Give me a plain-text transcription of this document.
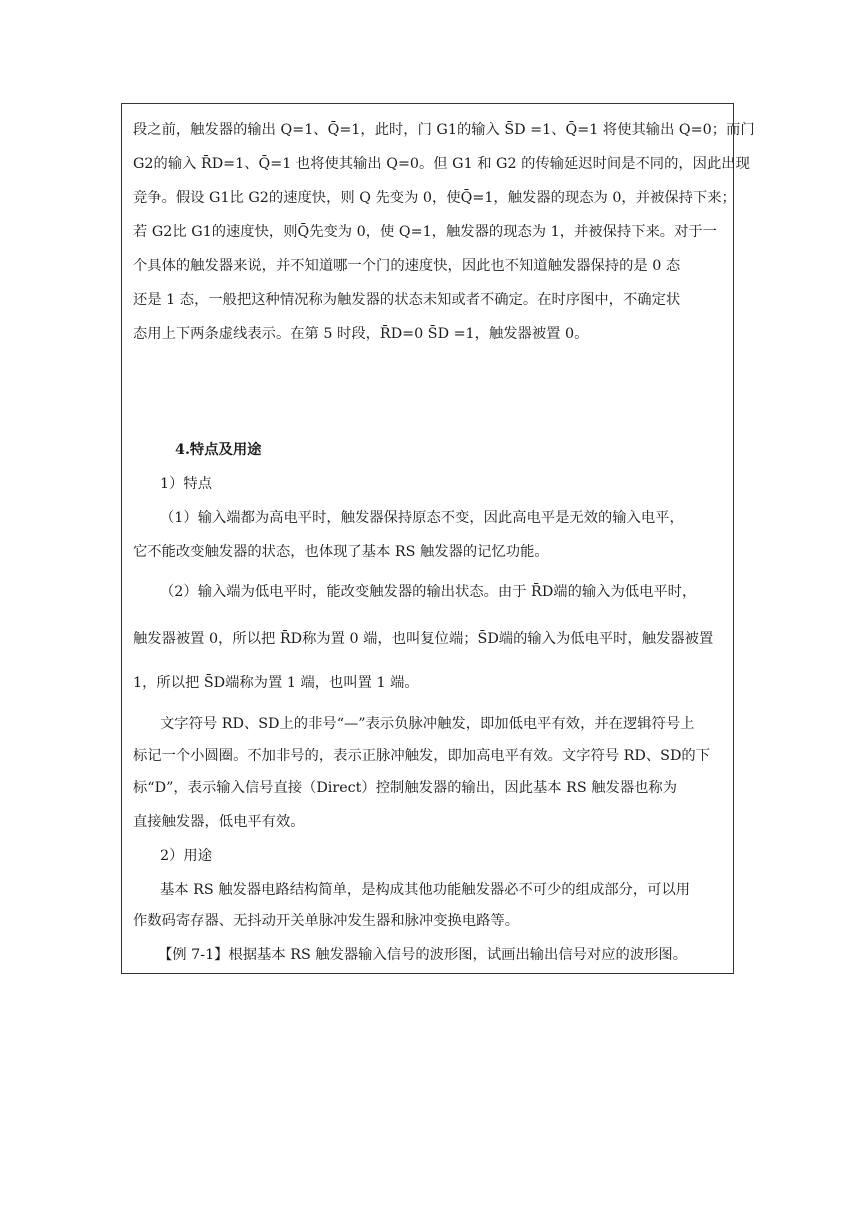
段之前，触发器的输出 Q=1、Q̄=1，此时，门 G1的输入 S̄D =1、Q̄=1 将使其输出 Q=0；而门
G2的输入 R̄D=1、Q̄=1 也将使其输出 Q=0。但 G1 和 G2 的传输延迟时间是不同的，因此出现
竞争。假设 G1比 G2的速度快，则 Q 先变为 0，使Q̄=1，触发器的现态为 0，并被保持下来；
若 G2比 G1的速度快，则Q̄先变为 0，使 Q=1，触发器的现态为 1，并被保持下来。对于一
个具体的触发器来说，并不知道哪一个门的速度快，因此也不知道触发器保持的是 0 态
还是 1 态，一般把这种情况称为触发器的状态未知或者不确定。在时序图中，不确定状
态用上下两条虚线表示。在第 5 时段，R̄D=0 S̄D =1，触发器被置 0。
4.特点及用途
1）特点
（1）输入端都为高电平时，触发器保持原态不变，因此高电平是无效的输入电平，
它不能改变触发器的状态，也体现了基本 RS 触发器的记忆功能。
（2）输入端为低电平时，能改变触发器的输出状态。由于 R̄D端的输入为低电平时，
触发器被置 0，所以把 R̄D称为置 0 端，也叫复位端；S̄D端的输入为低电平时，触发器被置
1，所以把 S̄D端称为置 1 端，也叫置 1 端。
文字符号 RD、SD上的非号“—”表示负脉冲触发，即加低电平有效，并在逻辑符号上
标记一个小圆圈。不加非号的，表示正脉冲触发，即加高电平有效。文字符号 RD、SD的下
标“D”，表示输入信号直接（Direct）控制触发器的输出，因此基本 RS 触发器也称为
直接触发器，低电平有效。
2）用途
基本 RS 触发器电路结构简单，是构成其他功能触发器必不可少的组成部分，可以用
作数码寄存器、无抖动开关单脉冲发生器和脉冲变换电路等。
【例 7-1】根据基本 RS 触发器输入信号的波形图，试画出输出信号对应的波形图。
